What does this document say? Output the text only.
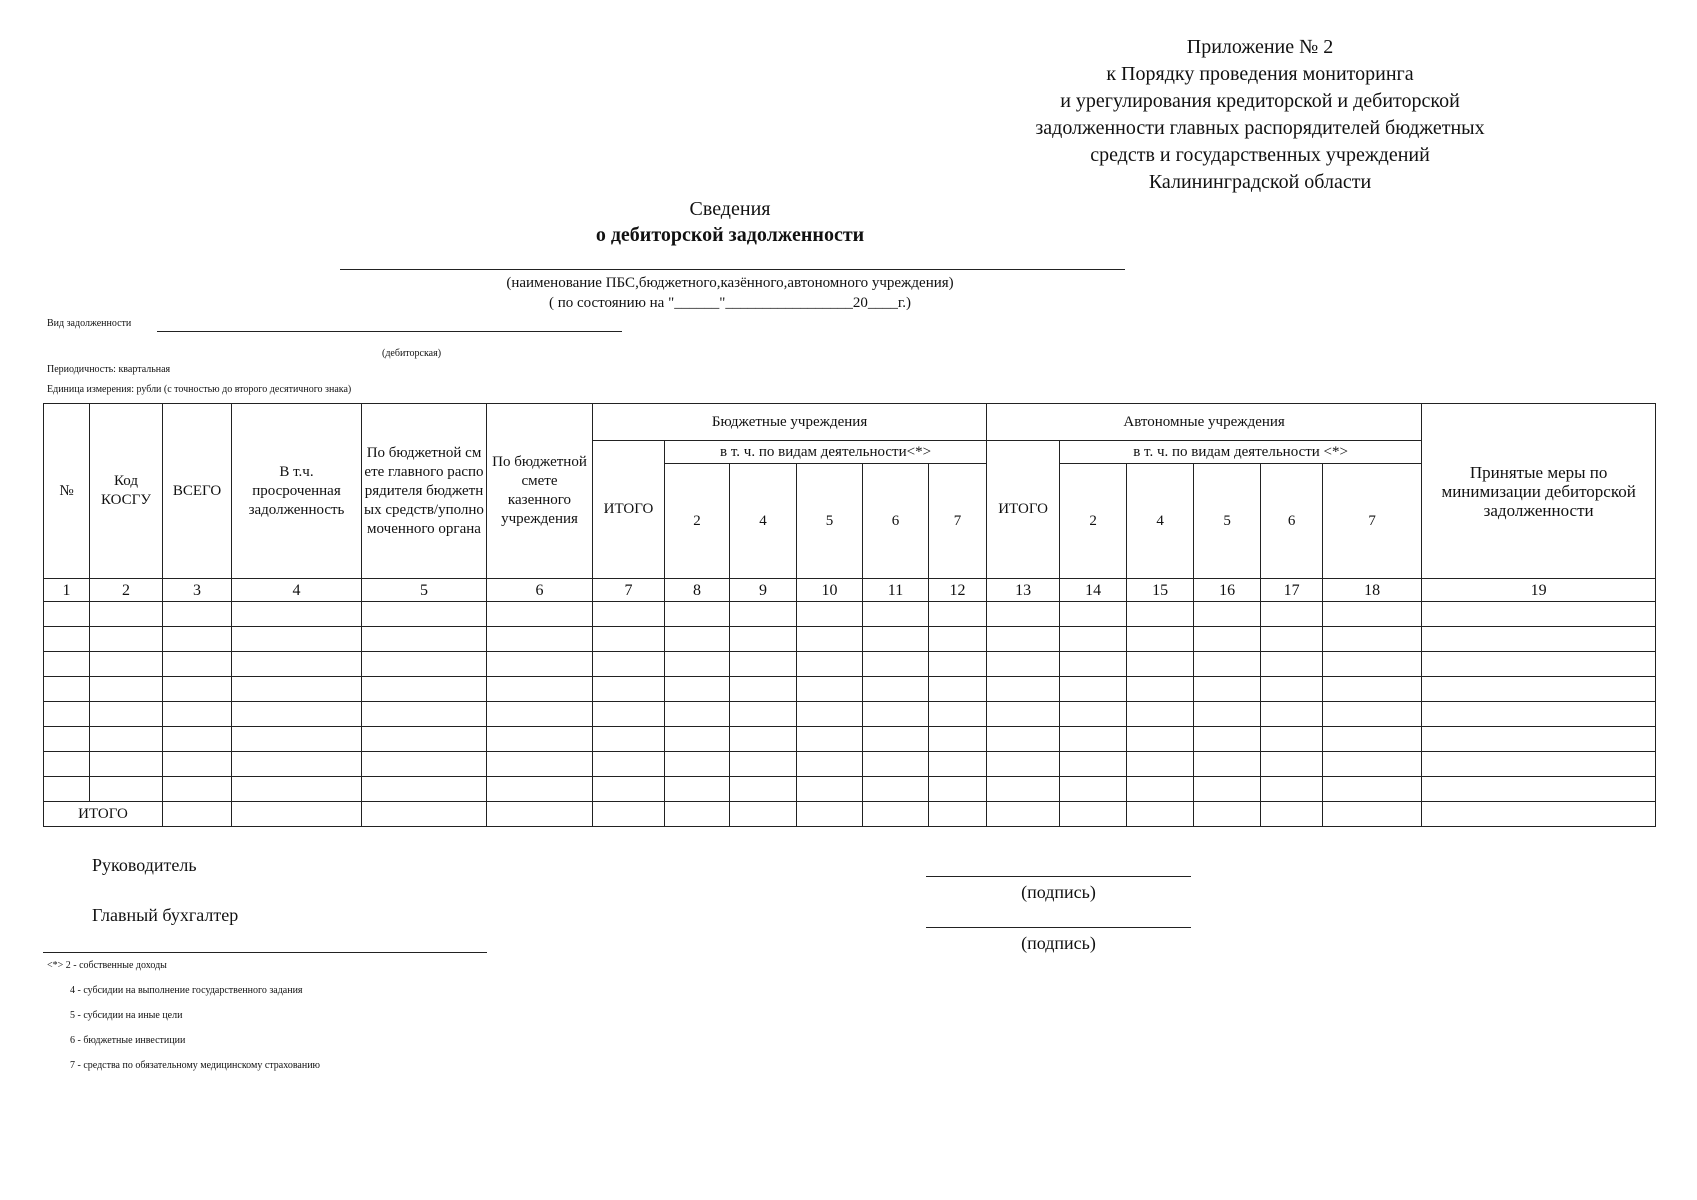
Приложение № 2
к Порядку проведения мониторинга
и урегулирования кредиторской и дебиторской
задолженности главных распорядителей бюджетных
средств и государственных учреждений
Калининградской области
Сведения
о дебиторской задолженности
(наименование ПБС,бюджетного,казённого,автономного учреждения)
( по состоянию на "______"_________________20____г.)
Вид задолженности
(дебиторская)
Периодичность: квартальная
Единица измерения: рубли (с точностью до второго десятичного знака)
№	Код КОСГУ	ВСЕГО	В т.ч. просроченная задолженность	По бюджетной смете главного распорядителя бюджетных средств/уполномоченного органа	По бюджетной смете казенного учреждения	Бюджетные учреждения						Автономные учреждения						Принятые меры по минимизации дебиторской задолженности
						ИТОГО	в т. ч. по видам деятельности<*>					ИТОГО	в т. ч. по видам деятельности <*>					
							2	4	5	6	7		2	4	5	6	7	
1	2	3	4	5	6	7	8	9	10	11	12	13	14	15	16	17	18	19

ИТОГО																		
Руководитель
Главный бухгалтер
(подпись)
(подпись)
<*> 2 - собственные доходы
4 - субсидии на выполнение государственного задания
5 - субсидии на иные цели
6 - бюджетные инвестиции
7 - средства по обязательному медицинскому страхованию
